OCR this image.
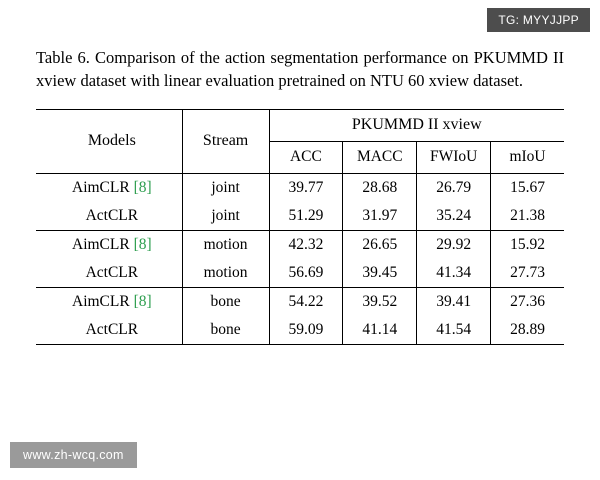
TG: MYYJJPP

Table 6. Comparison of the action segmentation performance on PKUMMD II xview dataset with linear evaluation pretrained on NTU 60 xview dataset.

Models	Stream	PKUMMD II xview			
		ACC	MACC	FWIoU	mIoU
AimCLR [8]	joint	39.77	28.68	26.79	15.67
ActCLR	joint	51.29	31.97	35.24	21.38
AimCLR [8]	motion	42.32	26.65	29.92	15.92
ActCLR	motion	56.69	39.45	41.34	27.73
AimCLR [8]	bone	54.22	39.52	39.41	27.36
ActCLR	bone	59.09	41.14	41.54	28.89
www.zh-wcq.com
